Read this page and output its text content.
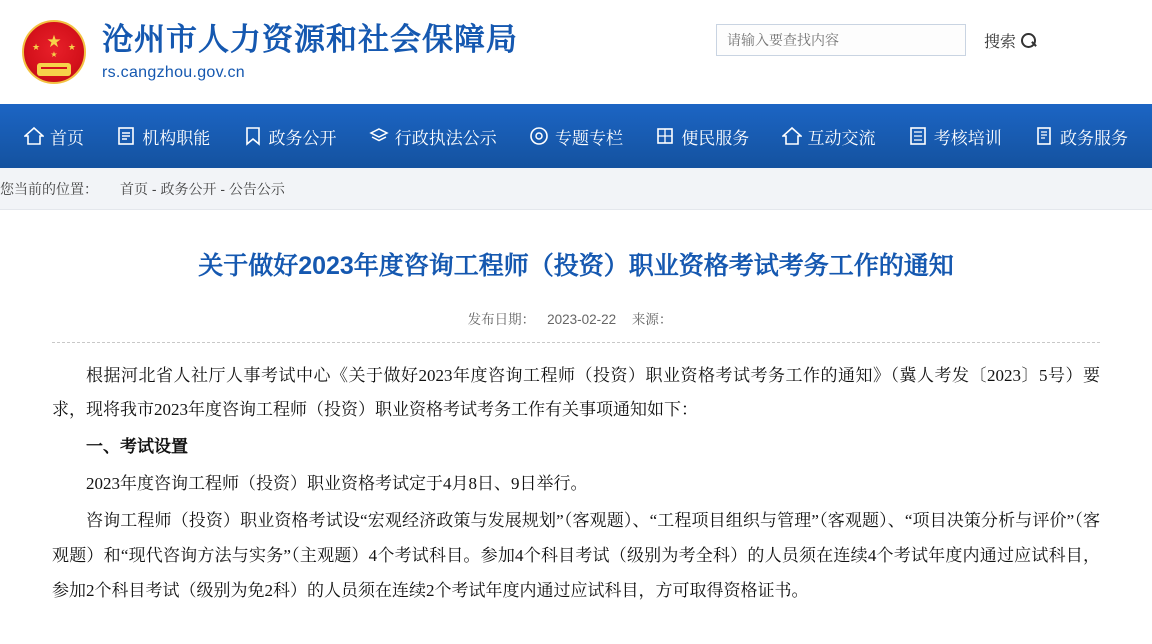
★
★	★
★ 沧州市人力资源和社会保障局
rs.cangzhou.gov.cn
请输入要查找内容
搜索
首页	机构职能	政务公开	行政执法公示	专题专栏	便民服务	互动交流	考核培训	政务服务
您当前的位置： 首页 - 政务公开 - 公告公示
关于做好2023年度咨询工程师（投资）职业资格考试考务工作的通知
发布日期： 2023-02-22 来源：

根据河北省人社厅人事考试中心《关于做好2023年度咨询工程师（投资）职业资格考试考务工作的通知》（冀人考发〔2023〕5号）要求，现将我市2023年度咨询工程师（投资）职业资格考试考务工作有关事项通知如下：

一、考试设置

2023年度咨询工程师（投资）职业资格考试定于4月8日、9日举行。

咨询工程师（投资）职业资格考试设“宏观经济政策与发展规划”（客观题）、“工程项目组织与管理”（客观题）、“项目决策分析与评价”（客观题）和“现代咨询方法与实务”（主观题）4个考试科目。参加4个科目考试（级别为考全科）的人员须在连续4个考试年度内通过应试科目，参加2个科目考试（级别为免2科）的人员须在连续2个考试年度内通过应试科目，方可取得资格证书。
